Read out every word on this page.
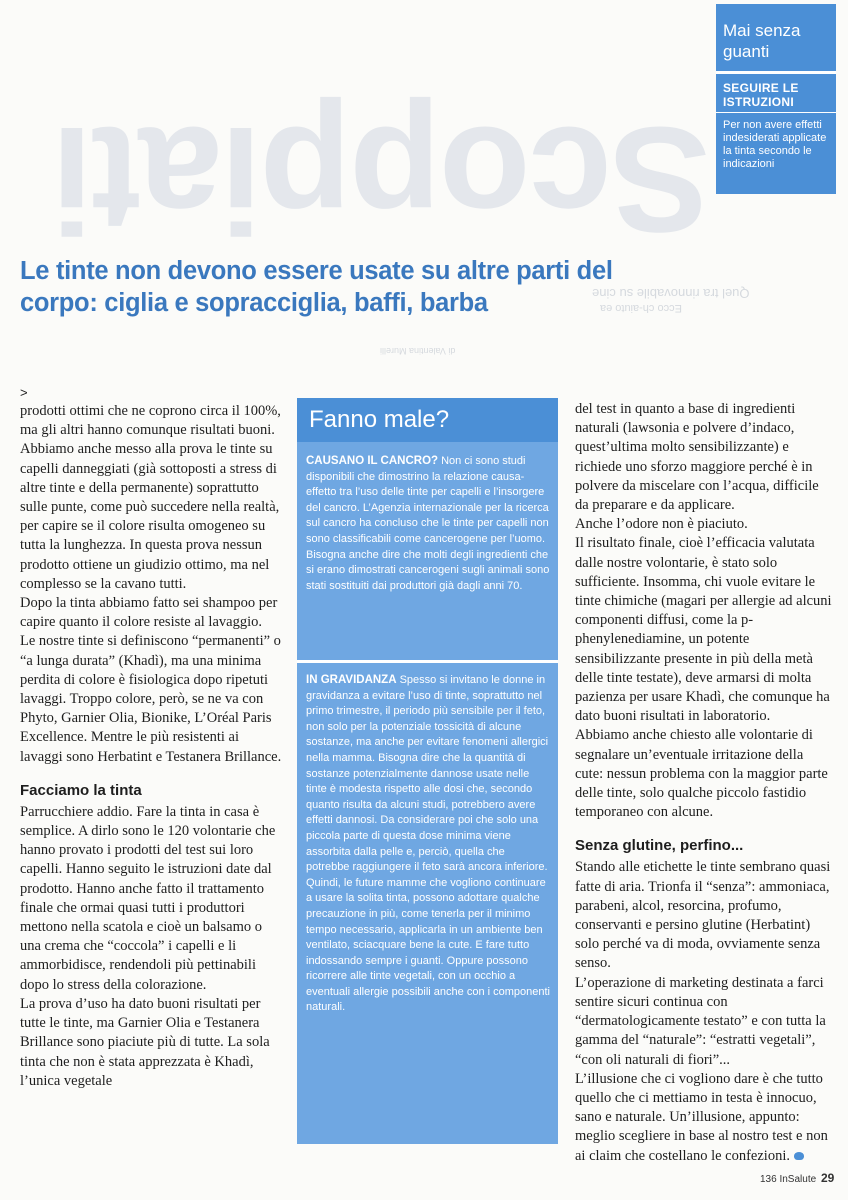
Scoppiati
Quel tra rinnovabile su cine
Ecco ch-aiuto ea
di Valentina Murelli
Mai senza guanti
SEGUIRE LE ISTRUZIONI
Per non avere effetti indesiderati applicate la tinta secondo le indicazioni
Le tinte non devono essere usate su altre parti del corpo: ciglia e sopracciglia, baffi, barba
>

prodotti ottimi che ne coprono circa il 100%, ma gli altri hanno comunque risultati buoni.

Abbiamo anche messo alla prova le tinte su capelli danneggiati (già sottoposti a stress di altre tinte e della permanente) soprattutto sulle punte, come può succedere nella realtà, per capire se il colore risulta omogeneo su tutta la lunghezza. In questa prova nessun prodotto ottiene un giudizio ottimo, ma nel complesso se la cavano tutti.

Dopo la tinta abbiamo fatto sei shampoo per capire quanto il colore resiste al lavaggio.

Le nostre tinte si definiscono “permanenti” o “a lunga durata” (Khadì), ma una minima perdita di colore è fisiologica dopo ripetuti lavaggi. Troppo colore, però, se ne va con Phyto, Garnier Olia, Bionike, L’Oréal Paris Excellence. Mentre le più resistenti ai lavaggi sono Herbatint e Testanera Brillance.

Facciamo la tinta

Parrucchiere addio. Fare la tinta in casa è semplice. A dirlo sono le 120 volontarie che hanno provato i prodotti del test sui loro capelli. Hanno seguito le istruzioni date dal prodotto. Hanno anche fatto il trattamento finale che ormai quasi tutti i produttori mettono nella scatola e cioè un balsamo o una crema che “coccola” i capelli e li ammorbidisce, rendendoli più pettinabili dopo lo stress della colorazione.

La prova d’uso ha dato buoni risultati per tutte le tinte, ma Garnier Olia e Testanera Brillance sono piaciute più di tutte. La sola tinta che non è stata apprezzata è Khadì, l’unica vegetale

Fanno male?
CAUSANO IL CANCRO? Non ci sono studi disponibili che dimostrino la relazione causa-effetto tra l’uso delle tinte per capelli e l’insorgere del cancro. L’Agenzia internazionale per la ricerca sul cancro ha concluso che le tinte per capelli non sono classificabili come cancerogene per l’uomo. Bisogna anche dire che molti degli ingredienti che si erano dimostrati cancerogeni sugli animali sono stati sostituiti dai produttori già dagli anni 70.
IN GRAVIDANZA Spesso si invitano le donne in gravidanza a evitare l’uso di tinte, soprattutto nel primo trimestre, il periodo più sensibile per il feto, non solo per la potenziale tossicità di alcune sostanze, ma anche per evitare fenomeni allergici nella mamma. Bisogna dire che la quantità di sostanze potenzialmente dannose usate nelle tinte è modesta rispetto alle dosi che, secondo quanto risulta da alcuni studi, potrebbero avere effetti dannosi. Da considerare poi che solo una piccola parte di questa dose minima viene assorbita dalla pelle e, perciò, quella che potrebbe raggiungere il feto sarà ancora inferiore. Quindi, le future mamme che vogliono continuare a usare la solita tinta, possono adottare qualche precauzione in più, come tenerla per il minimo tempo necessario, applicarla in un ambiente ben ventilato, sciacquare bene la cute. E fare tutto indossando sempre i guanti. Oppure possono ricorrere alle tinte vegetali, con un occhio a eventuali allergie possibili anche con i componenti naturali.

del test in quanto a base di ingredienti naturali (lawsonia e polvere d’indaco, quest’ultima molto sensibilizzante) e richiede uno sforzo maggiore perché è in polvere da miscelare con l’acqua, difficile da preparare e da applicare.

Anche l’odore non è piaciuto.

Il risultato finale, cioè l’efficacia valutata dalle nostre volontarie, è stato solo sufficiente. Insomma, chi vuole evitare le tinte chimiche (magari per allergie ad alcuni componenti diffusi, come la p-phenylenediamine, un potente sensibilizzante presente in più della metà delle tinte testate), deve armarsi di molta pazienza per usare Khadì, che comunque ha dato buoni risultati in laboratorio.

Abbiamo anche chiesto alle volontarie di segnalare un’eventuale irritazione della cute: nessun problema con la maggior parte delle tinte, solo qualche piccolo fastidio temporaneo con alcune.

Senza glutine, perfino...

Stando alle etichette le tinte sembrano quasi fatte di aria. Trionfa il “senza”: ammoniaca, parabeni, alcol, resorcina, profumo, conservanti e persino glutine (Herbatint) solo perché va di moda, ovviamente senza senso.

L’operazione di marketing destinata a farci sentire sicuri continua con “dermatologicamente testato” e con tutta la gamma del “naturale”: “estratti vegetali”, “con oli naturali di fiori”...

L’illusione che ci vogliono dare è che tutto quello che ci mettiamo in testa è innocuo, sano e naturale. Un’illusione, appunto: meglio scegliere in base al nostro test e non ai claim che costellano le confezioni.

136 InSalute 29
